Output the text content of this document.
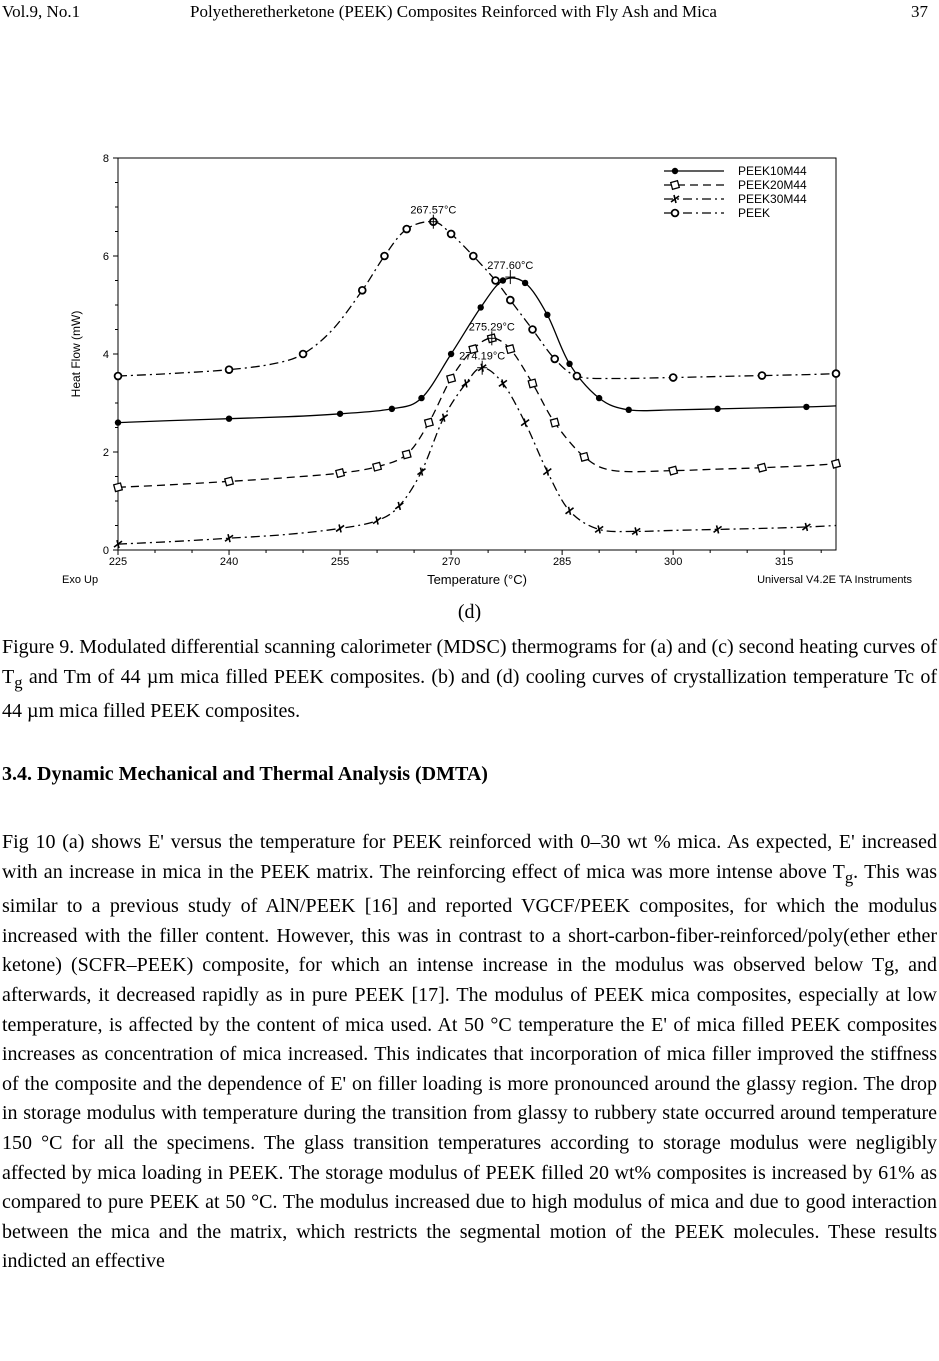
Vol.9, No.1	Polyetheretherketone (PEEK) Composites Reinforced with Fly Ash and Mica	37
225	240	255	270	285	300	315
0
2
4
6
8
Temperature (°C)
Heat Flow (mW)
Exo Up	Universal V4.2E TA Instruments
277.60°C
275.29°C
274.19°C
267.57°C
PEEK10M44
PEEK20M44
PEEK30M44
PEEK
(d)

Figure 9. Modulated differential scanning calorimeter (MDSC) thermograms for (a) and (c) second heating curves of $T_g$ and Tm of 44 µm mica filled PEEK composites. (b) and (d) cooling curves of crystallization temperature Tc of 44 µm mica filled PEEK composites.

3.4. Dynamic Mechanical and Thermal Analysis (DMTA)

Fig 10 (a) shows E' versus the temperature for PEEK reinforced with 0–30 wt % mica. As expected, E' increased with an increase in mica in the PEEK matrix. The reinforcing effect of mica was more intense above $T_g$. This was similar to a previous study of AlN/PEEK [16] and reported VGCF/PEEK composites, for which the modulus increased with the filler content. However, this was in contrast to a short-carbon-fiber-reinforced/poly(ether ether ketone) (SCFR–PEEK) composite, for which an intense increase in the modulus was observed below Tg, and afterwards, it decreased rapidly as in pure PEEK [17]. The modulus of PEEK mica composites, especially at low temperature, is affected by the content of mica used. At 50 °C temperature the E' of mica filled PEEK composites increases as concentration of mica increased. This indicates that incorporation of mica filler improved the stiffness of the composite and the dependence of E' on filler loading is more pronounced around the glassy region. The drop in storage modulus with temperature during the transition from glassy to rubbery state occurred around temperature 150 °C for all the specimens. The glass transition temperatures according to storage modulus were negligibly affected by mica loading in PEEK. The storage modulus of PEEK filled 20 wt% composites is increased by 61% as compared to pure PEEK at 50 °C. The modulus increased due to high modulus of mica and due to good interaction between the mica and the matrix, which restricts the segmental motion of the PEEK molecules. These results indicted an effective
